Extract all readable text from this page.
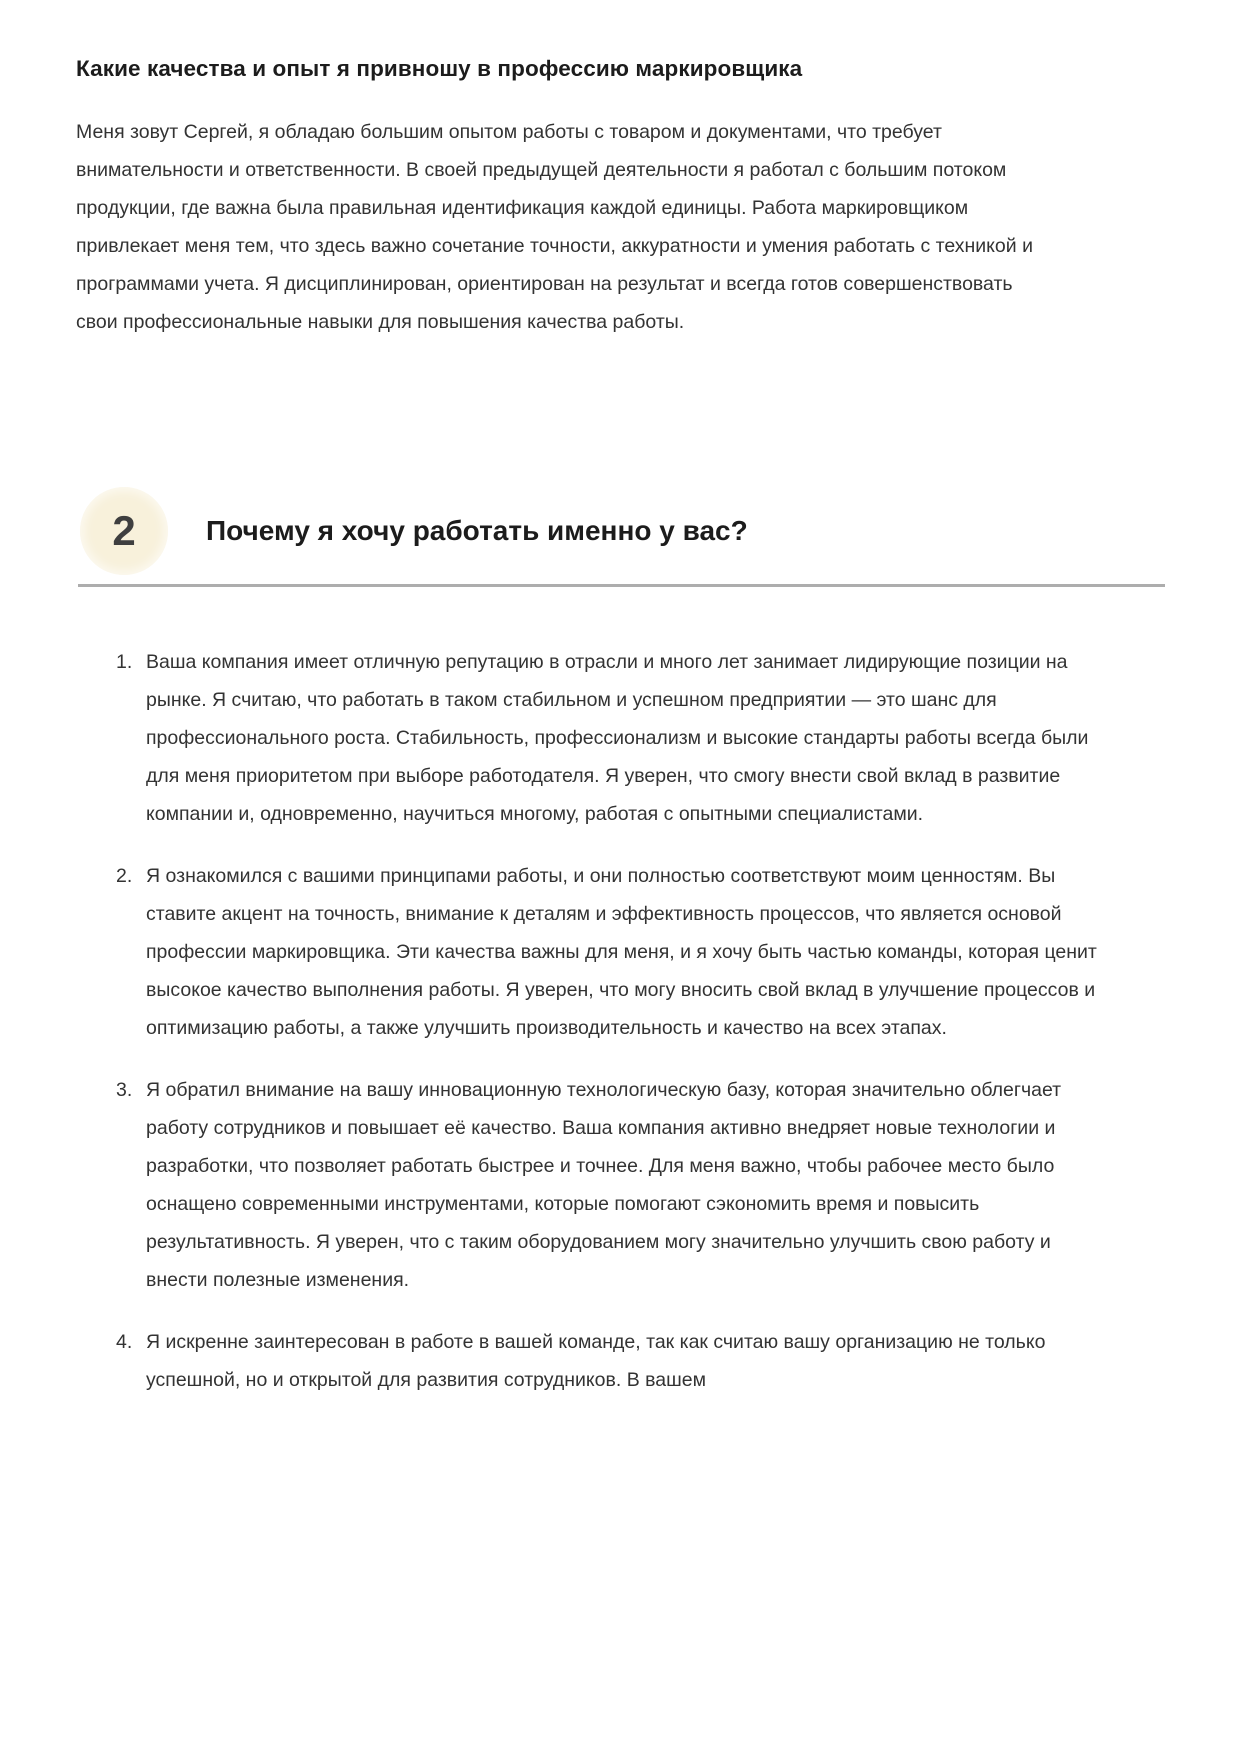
Какие качества и опыт я привношу в профессию маркировщика

Меня зовут Сергей, я обладаю большим опытом работы с товаром и документами, что требует внимательности и ответственности. В своей предыдущей деятельности я работал с большим потоком продукции, где важна была правильная идентификация каждой единицы. Работа маркировщиком привлекает меня тем, что здесь важно сочетание точности, аккуратности и умения работать с техникой и программами учета. Я дисциплинирован, ориентирован на результат и всегда готов совершенствовать свои профессиональные навыки для повышения качества работы.

2	Почему я хочу работать именно у вас?
1. Ваша компания имеет отличную репутацию в отрасли и много лет занимает лидирующие позиции на рынке. Я считаю, что работать в таком стабильном и успешном предприятии — это шанс для профессионального роста. Стабильность, профессионализм и высокие стандарты работы всегда были для меня приоритетом при выборе работодателя. Я уверен, что смогу внести свой вклад в развитие компании и, одновременно, научиться многому, работая с опытными специалистами.
2. Я ознакомился с вашими принципами работы, и они полностью соответствуют моим ценностям. Вы ставите акцент на точность, внимание к деталям и эффективность процессов, что является основой профессии маркировщика. Эти качества важны для меня, и я хочу быть частью команды, которая ценит высокое качество выполнения работы. Я уверен, что могу вносить свой вклад в улучшение процессов и оптимизацию работы, а также улучшить производительность и качество на всех этапах.
3. Я обратил внимание на вашу инновационную технологическую базу, которая значительно облегчает работу сотрудников и повышает её качество. Ваша компания активно внедряет новые технологии и разработки, что позволяет работать быстрее и точнее. Для меня важно, чтобы рабочее место было оснащено современными инструментами, которые помогают сэкономить время и повысить результативность. Я уверен, что с таким оборудованием могу значительно улучшить свою работу и внести полезные изменения.
4. Я искренне заинтересован в работе в вашей команде, так как считаю вашу организацию не только успешной, но и открытой для развития сотрудников. В вашем
